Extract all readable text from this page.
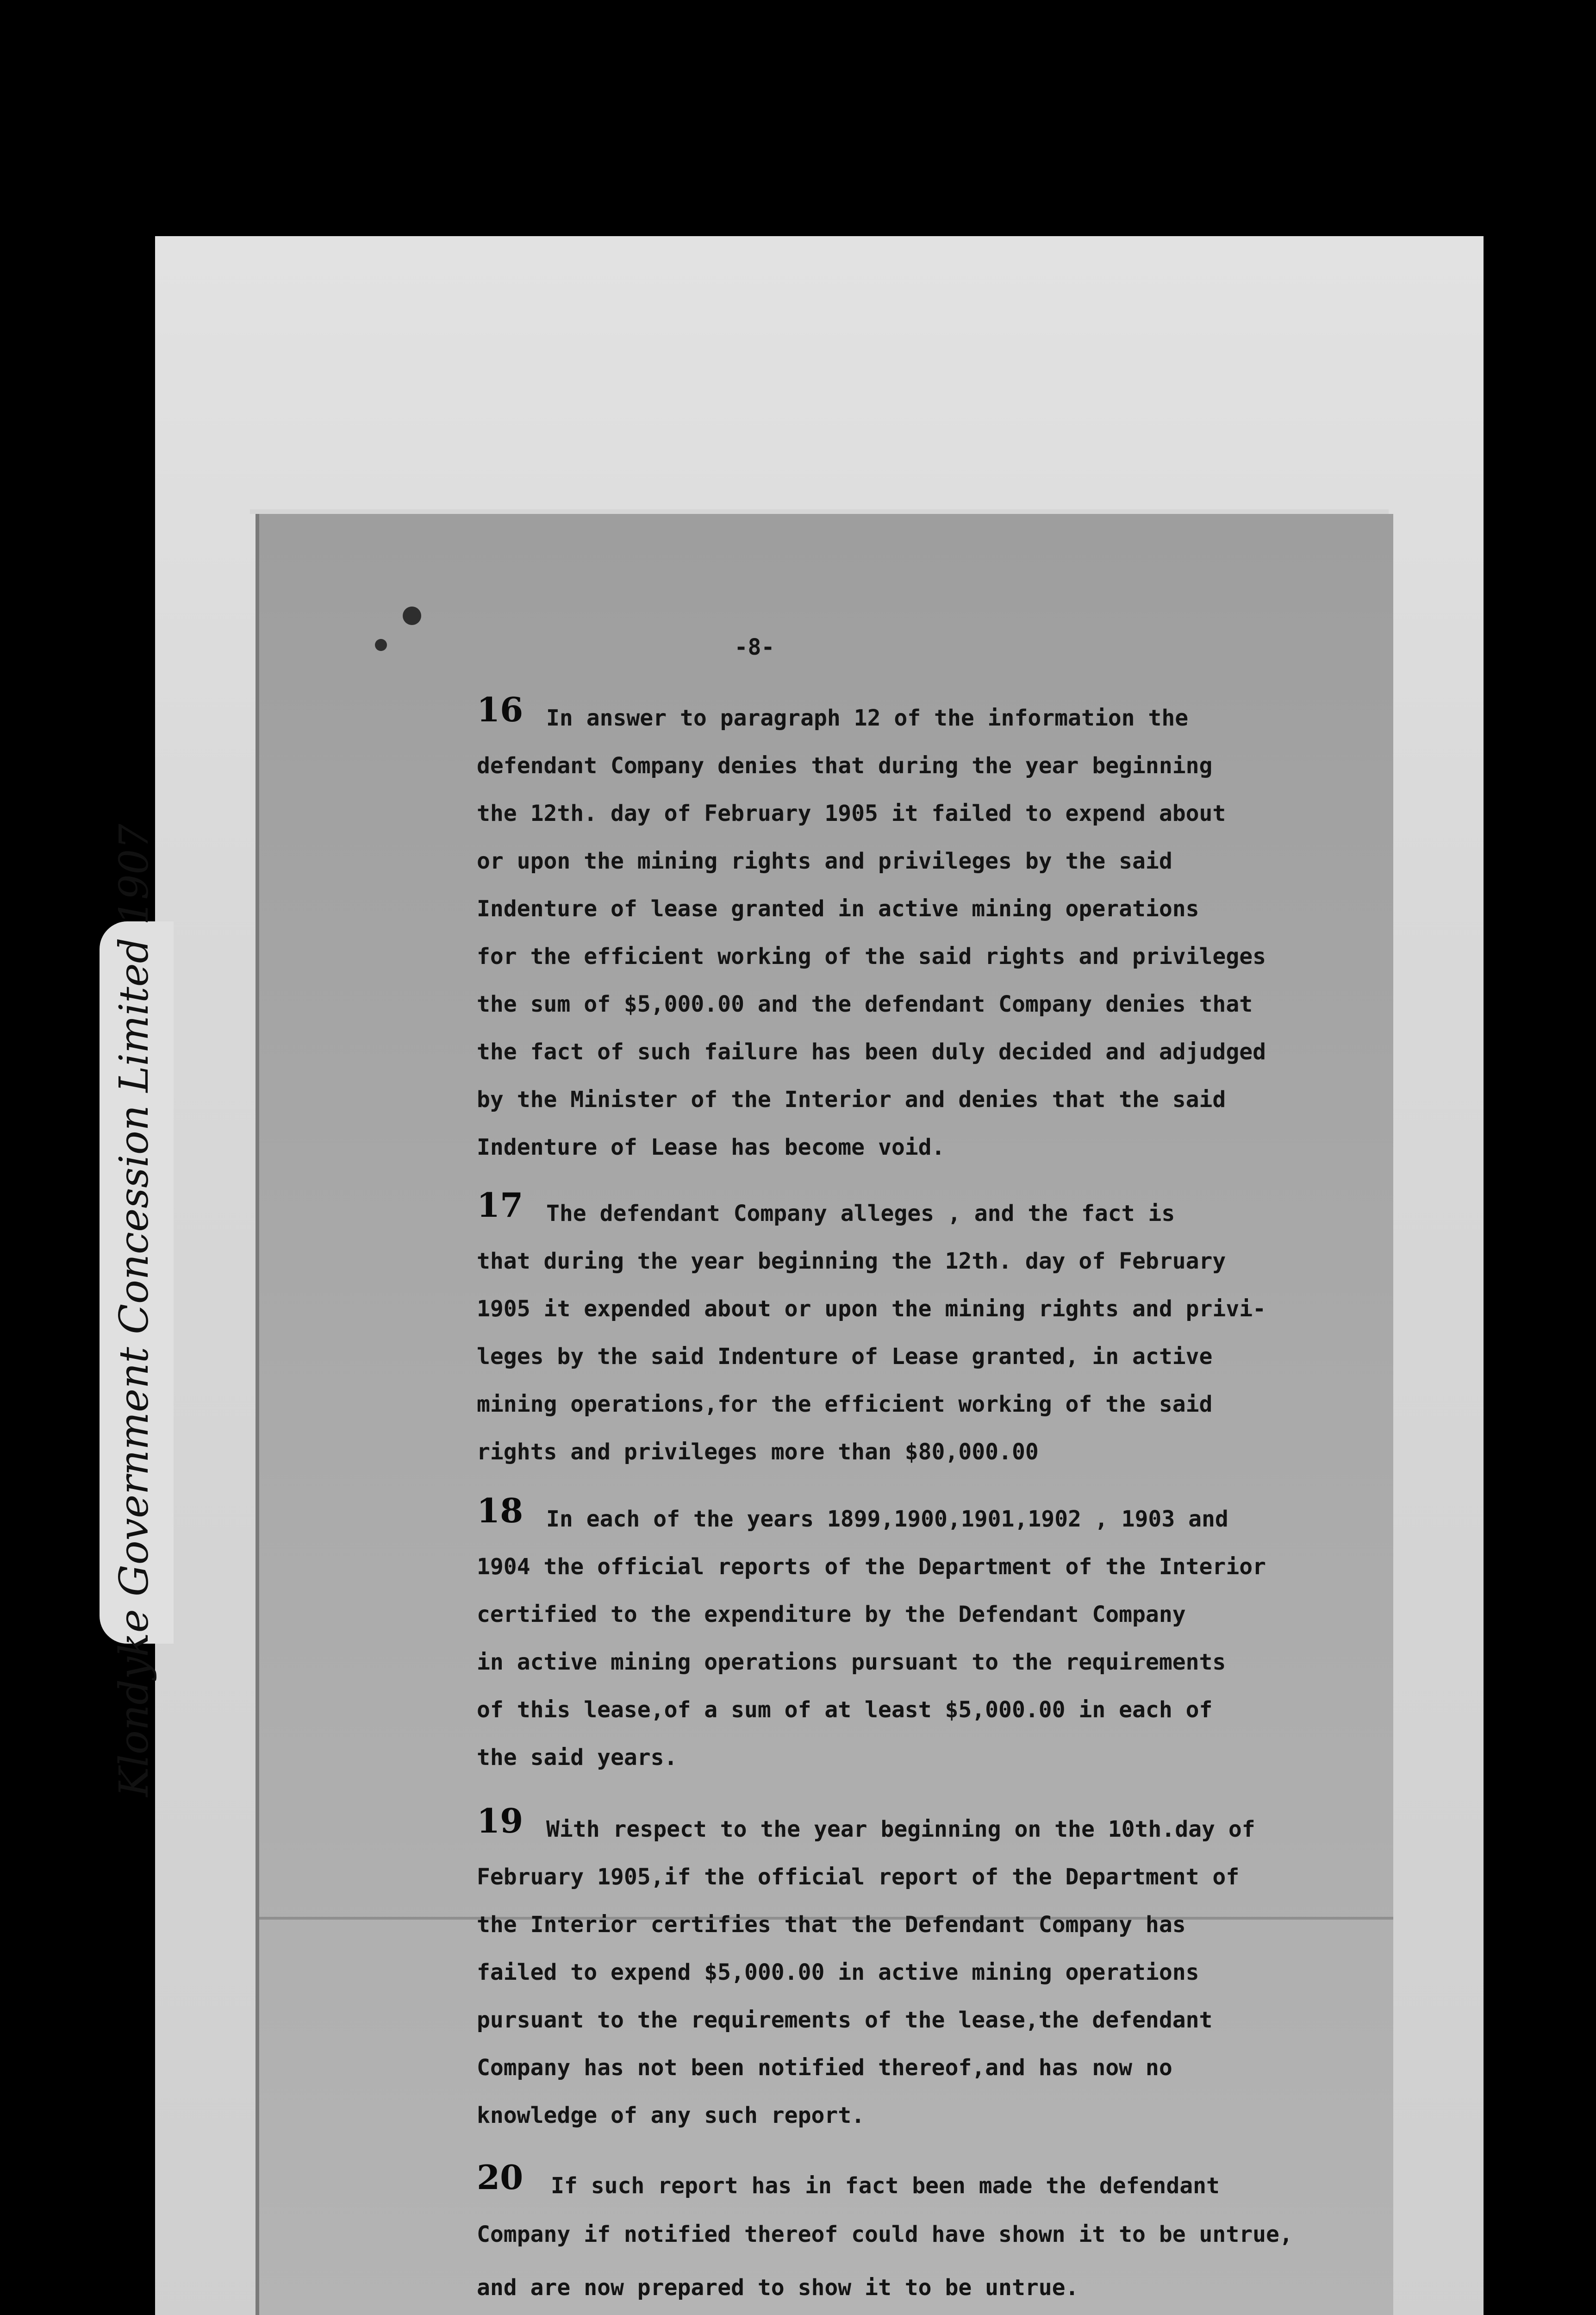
Klondyke Government Concession Limited 1907
-8-
16 In answer to paragraph 12 of the information the
defendant Company denies that during the year beginning
the 12th. day of February 1905 it failed to expend about
or upon the mining rights and privileges by the said
Indenture of lease granted in active mining operations
for the efficient working of the said rights and privileges
the sum of $5,000.00 and the defendant Company denies that
the fact of such failure has been duly decided and adjudged
by the Minister of the Interior and denies that the said
Indenture of Lease has become void.
17 The defendant Company alleges , and the fact is
that during the year beginning the 12th. day of February
1905 it expended about or upon the mining rights and privi-
leges by the said Indenture of Lease granted, in active
mining operations,for the efficient working of the said
rights and privileges more than $80,000.00
18 In each of the years 1899,1900,1901,1902 , 1903 and
1904 the official reports of the Department of the Interior
certified to the expenditure by the Defendant Company
in active mining operations pursuant to the requirements
of this lease,of a sum of at least $5,000.00 in each of
the said years.
19 With respect to the year beginning on the 10th.day of
February 1905,if the official report of the Department of
the Interior certifies that the Defendant Company has
failed to expend $5,000.00 in active mining operations
pursuant to the requirements of the lease,the defendant
Company has not been notified thereof,and has now no
knowledge of any such report.
20 If such report has in fact been made the defendant
Company if notified thereof could have shown it to be untrue,
and are now prepared to show it to be untrue.
